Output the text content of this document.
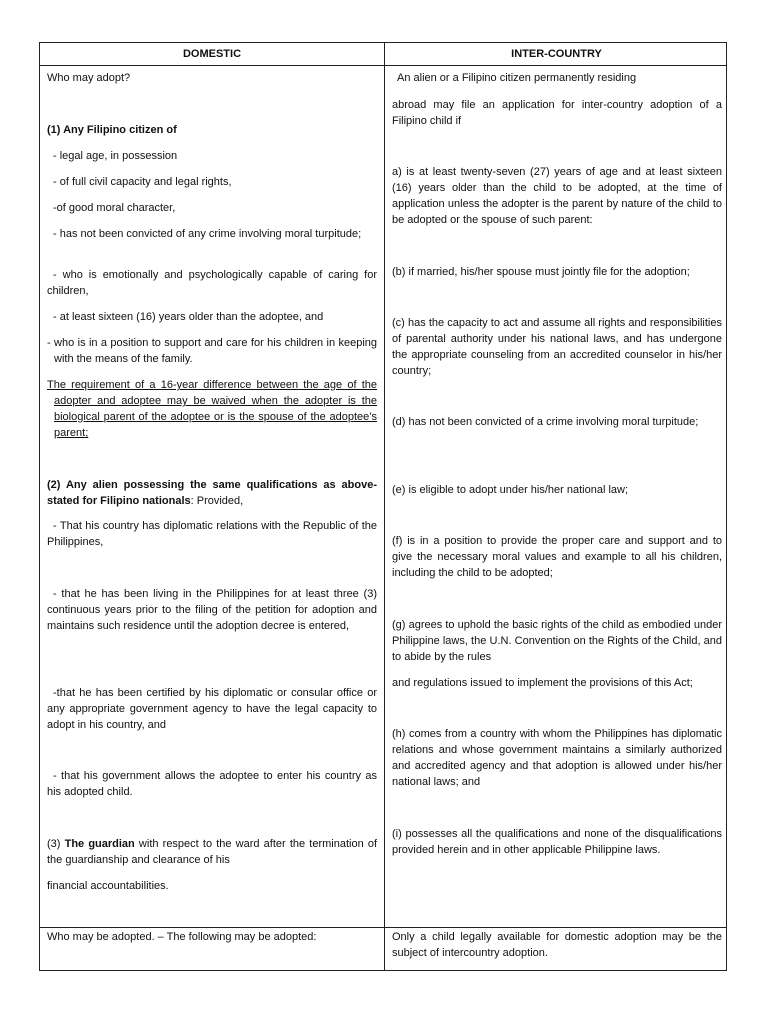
DOMESTIC	INTER-COUNTRY
Who may adopt?
(1) Any Filipino citizen of
- legal age, in possession
- of full civil capacity and legal rights,
-of good moral character,
- has not been convicted of any crime involving moral turpitude;
- who is emotionally and psychologically capable of caring for children,
- at least sixteen (16) years older than the adoptee, and
- who is in a position to support and care for his children in keeping with the means of the family.
The requirement of a 16-year difference between the age of the adopter and adoptee may be waived when the adopter is the biological parent of the adoptee or is the spouse of the adoptee’s parent;
(2) Any alien possessing the same qualifications as above-stated for Filipino nationals: Provided,
- That his country has diplomatic relations with the Republic of the Philippines,
- that he has been living in the Philippines for at least three (3) continuous years prior to the filing of the petition for adoption and maintains such residence until the adoption decree is entered,
-that he has been certified by his diplomatic or consular office or any appropriate government agency to have the legal capacity to adopt in his country, and
- that his government allows the adoptee to enter his country as his adopted child.
(3) The guardian with respect to the ward after the termination of the guardianship and clearance of his
financial accountabilities.
Who may be adopted. – The following may be adopted:
An alien or a Filipino citizen permanently residing
abroad may file an application for inter-country adoption of a Filipino child if
a) is at least twenty-seven (27) years of age and at least sixteen (16) years older than the child to be adopted, at the time of application unless the adopter is the parent by nature of the child to be adopted or the spouse of such parent:
(b) if married, his/her spouse must jointly file for the adoption;
(c) has the capacity to act and assume all rights and responsibilities of parental authority under his national laws, and has undergone the appropriate counseling from an accredited counselor in his/her country;
(d) has not been convicted of a crime involving moral turpitude;
(e) is eligible to adopt under his/her national law;
(f) is in a position to provide the proper care and support and to give the necessary moral values and example to all his children, including the child to be adopted;
(g) agrees to uphold the basic rights of the child as embodied under Philippine laws, the U.N. Convention on the Rights of the Child, and to abide by the rules
and regulations issued to implement the provisions of this Act;
(h) comes from a country with whom the Philippines has diplomatic relations and whose government maintains a similarly authorized and accredited agency and that adoption is allowed under his/her national laws; and
(i) possesses all the qualifications and none of the disqualifications provided herein and in other applicable Philippine laws.
Only a child legally available for domestic adoption may be the subject of intercountry adoption.
